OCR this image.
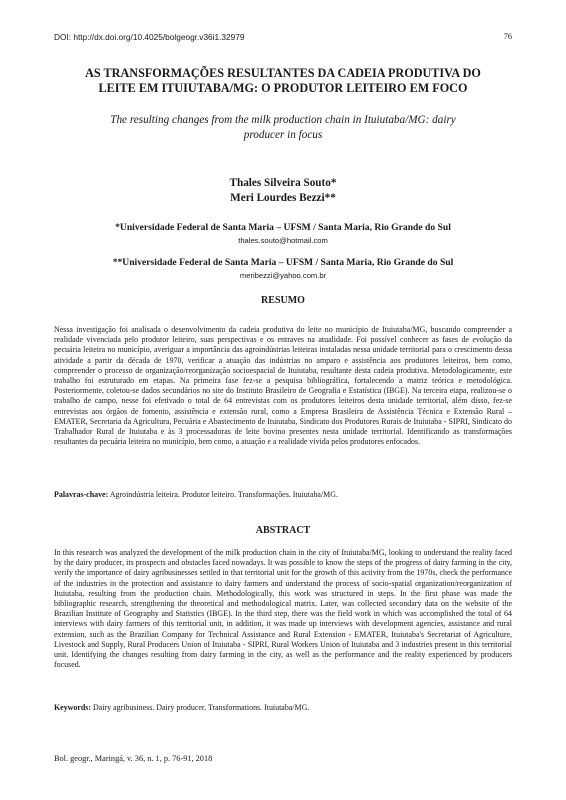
DOI: http://dx.doi.org/10.4025/bolgeogr.v36i1.32979	76
AS TRANSFORMAÇÕES RESULTANTES DA CADEIA PRODUTIVA DO
LEITE EM ITUIUTABA/MG: O PRODUTOR LEITEIRO EM FOCO
The resulting changes from the milk production chain in Ituiutaba/MG: dairy
producer in focus
Thales Silveira Souto*
Meri Lourdes Bezzi**
*Universidade Federal de Santa Maria – UFSM / Santa Maria, Rio Grande do Sul
thales.souto@hotmail.com
**Universidade Federal de Santa Maria – UFSM / Santa Maria, Rio Grande do Sul
meribezzi@yahoo.com.br
RESUMO
Nessa investigação foi analisada o desenvolvimento da cadeia produtiva do leite no município de Ituiutaba/MG, buscando compreender a realidade vivenciada pelo produtor leiteiro, suas perspectivas e os entraves na atualidade. Foi possível conhecer as fases de evolução da pecuária leiteira no município, averiguar a importância das agroindústrias leiteiras instaladas nessa unidade territorial para o crescimento dessa atividade a partir da década de 1970, verificar a atuação das indústrias no amparo e assistência aos produtores leiteiros, bem como, compreender o processo de organização/reorganização socioespacial de Ituiutaba, resultante desta cadeia produtiva. Metodologicamente, este trabalho foi estruturado em etapas. Na primeira fase fez-se a pesquisa bibliográfica, fortalecendo a matriz teórica e metodológica. Posteriormente, coletou-se dados secundários no site do Instituto Brasileiro de Geografia e Estatística (IBGE). Na terceira etapa, realizou-se o trabalho de campo, nesse foi efetivado o total de 64 entrevistas com os produtores leiteiros desta unidade territorial, além disso, fez-se entrevistas aos órgãos de fomento, assistência e extensão rural, como a Empresa Brasileira de Assistência Técnica e Extensão Rural – EMATER, Secretaria da Agricultura, Pecuária e Abastecimento de Ituiutaba, Sindicato dos Produtores Rurais de Ituiutaba - SIPRI, Sindicato do Trabalhador Rural de Ituiutaba e às 3 processadoras de leite bovino presentes nesta unidade territorial. Identificando as transformações resultantes da pecuária leiteira no município, bem como, a atuação e a realidade vivida pelos produtores enfocados.
Palavras-chave: Agroindústria leiteira. Produtor leiteiro. Transformações. Ituiutaba/MG.
ABSTRACT
In this research was analyzed the development of the milk production chain in the city of Ituiutaba/MG, looking to understand the reality faced by the dairy producer, its prospects and obstacles faced nowadays. It was possible to know the steps of the progress of dairy farming in the city, verify the importance of dairy agribusinesses settled in that territorial unit for the growth of this activity from the 1970s, check the performance of the industries in the protection and assistance to dairy farmers and understand the process of socio-spatial organization/reorganization of Ituiutaba, resulting from the production chain. Methodologically, this work was structured in steps. In the first phase was made the bibliographic research, strengthening the theoretical and methodological matrix. Later, was collected secondary data on the website of the Brazilian Institute of Geography and Statistics (IBGE). In the third step, there was the field work in which was accomplished the total of 64 interviews with dairy farmers of this territorial unit, in addition, it was made up interviews with development agencies, assistance and rural extension, such as the Brazilian Company for Technical Assistance and Rural Extension - EMATER, Ituiutaba's Secretariat of Agriculture, Livestock and Supply, Rural Producers Union of Ituiutaba - SIPRI, Rural Workers Union of Ituiutaba and 3 industries present in this territorial unit. Identifying the changes resulting from dairy farming in the city, as well as the performance and the reality experienced by producers focused.
Keywords: Dairy agribusiness. Dairy producer. Transformations. Ituiutaba/MG.
Bol. geogr., Maringá, v. 36, n. 1, p. 76-91, 2018
